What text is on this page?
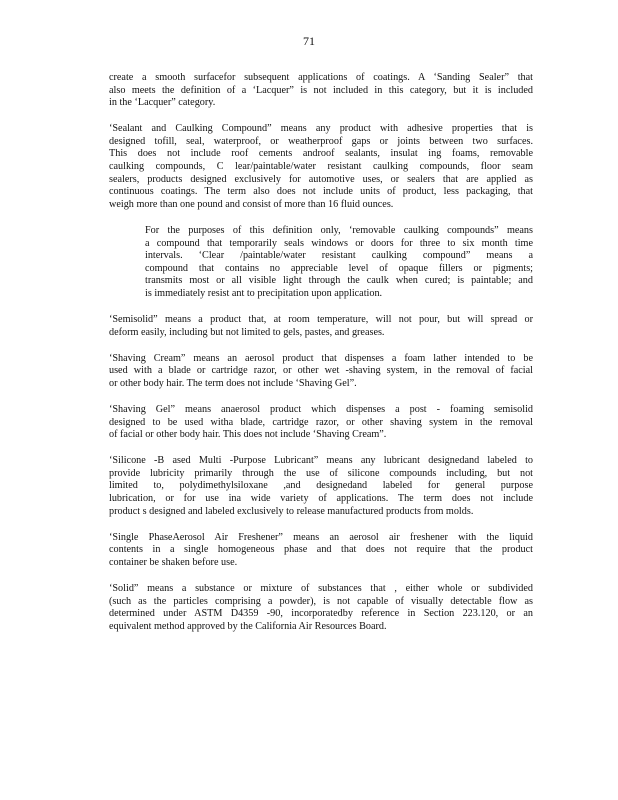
71
create a smooth surfacefor subsequent applications of coatings. A ‘Sanding Sealer” that
also meets the definition of a ‘Lacquer” is not included in this category, but it is included
in the ‘Lacquer” category.
‘Sealant and Caulking Compound” means any product with adhesive properties that is
designed tofill, seal, waterproof, or weatherproof gaps or joints between two surfaces.
This does not include roof cements androof sealants, insulat ing foams, removable
caulking compounds, C lear/paintable/water resistant caulking compounds, floor seam
sealers, products designed exclusively for automotive uses, or sealers that are applied as
continuous coatings. The term also does not include units of product, less packaging, that
weigh more than one pound and consist of more than 16 fluid ounces.
For the purposes of this definition only, ‘removable caulking compounds” means
a compound that temporarily seals windows or doors for three to six month time
intervals. ‘Clear /paintable/water resistant caulking compound” means a
compound that contains no appreciable level of opaque fillers or pigments;
transmits most or all visible light through the caulk when cured; is paintable; and
is immediately resist ant to precipitation upon application.
‘Semisolid” means a product that, at room temperature, will not pour, but will spread or
deform easily, including but not limited to gels, pastes, and greases.
‘Shaving Cream” means an aerosol product that dispenses a foam lather intended to be
used with a blade or cartridge razor, or other wet -shaving system, in the removal of facial
or other body hair. The term does not include ‘Shaving Gel”.
‘Shaving Gel” means anaerosol product which dispenses a post - foaming semisolid
designed to be used witha blade, cartridge razor, or other shaving system in the removal
of facial or other body hair. This does not include ‘Shaving Cream”.
‘Silicone -B ased Multi -Purpose Lubricant” means any lubricant designedand labeled to
provide lubricity primarily through the use of silicone compounds including, but not
limited to, polydimethylsiloxane ,and designedand labeled for general purpose
lubrication, or for use ina wide variety of applications. The term does not include
product s designed and labeled exclusively to release manufactured products from molds.
‘Single PhaseAerosol Air Freshener” means an aerosol air freshener with the liquid
contents in a single homogeneous phase and that does not require that the product
container be shaken before use.
‘Solid” means a substance or mixture of substances that , either whole or subdivided
(such as the particles comprising a powder), is not capable of visually detectable flow as
determined under ASTM D4359 -90, incorporatedby reference in Section 223.120, or an
equivalent method approved by the California Air Resources Board.
